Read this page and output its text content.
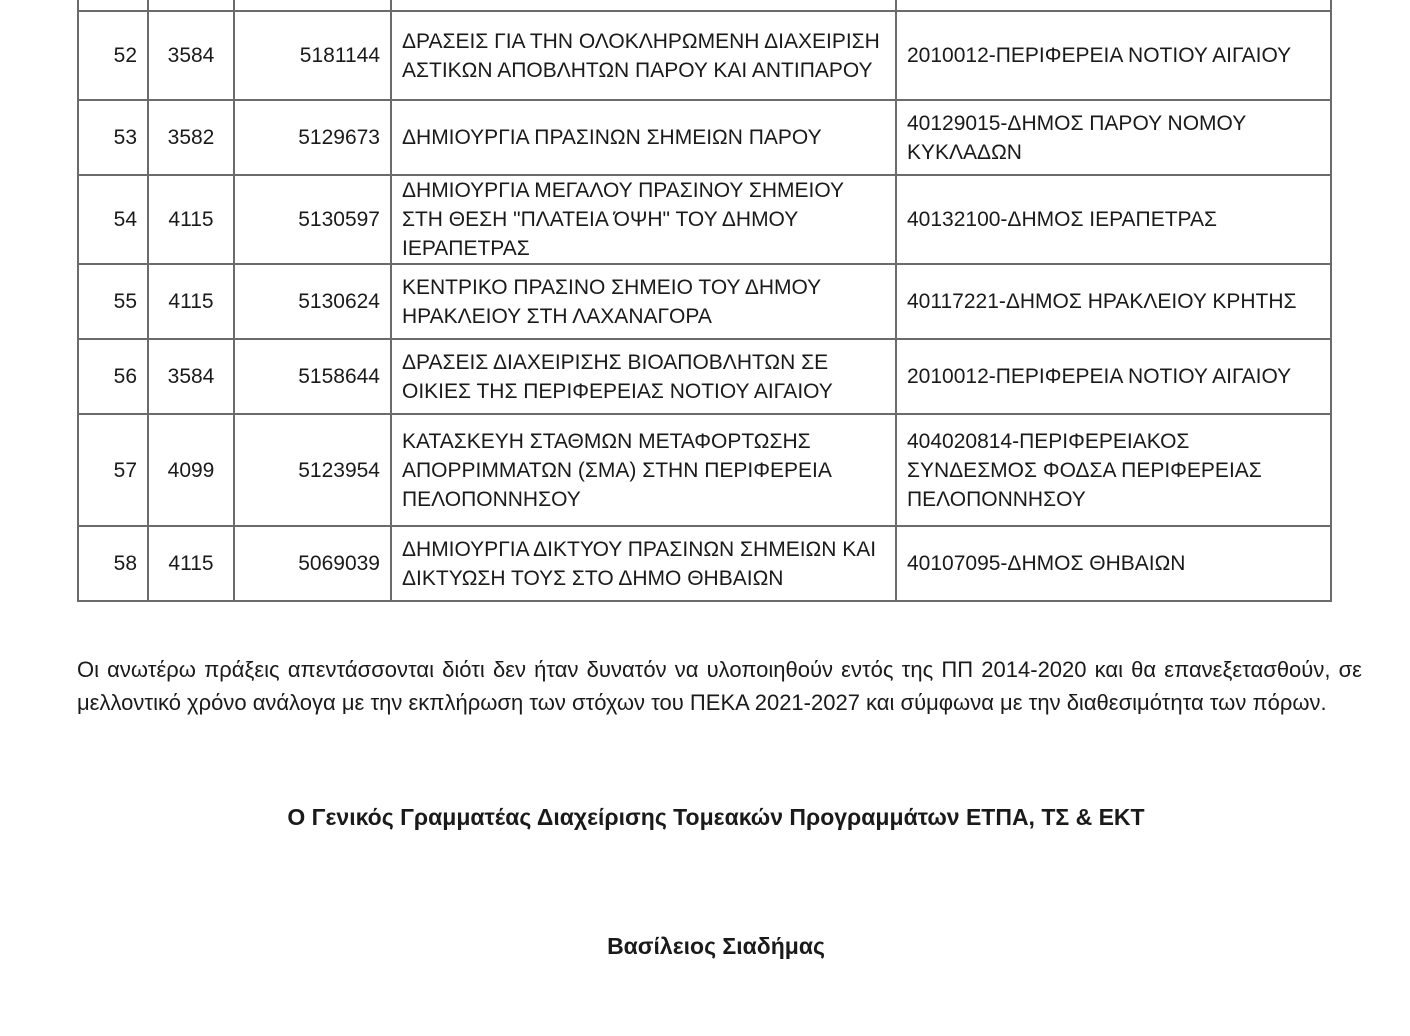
52	3584	5181144	ΔΡΑΣΕΙΣ ΓΙΑ ΤΗΝ ΟΛΟΚΛΗΡΩΜΕΝΗ ΔΙΑΧΕΙΡΙΣΗ ΑΣΤΙΚΩΝ ΑΠΟΒΛΗΤΩΝ ΠΑΡΟΥ ΚΑΙ ΑΝΤΙΠΑΡΟΥ	2010012-ΠΕΡΙΦΕΡΕΙΑ ΝΟΤΙΟΥ ΑΙΓΑΙΟΥ
53	3582	5129673	ΔΗΜΙΟΥΡΓΙΑ ΠΡΑΣΙΝΩΝ ΣΗΜΕΙΩΝ ΠΑΡΟΥ	40129015-ΔΗΜΟΣ ΠΑΡΟΥ ΝΟΜΟΥ ΚΥΚΛΑΔΩΝ
54	4115	5130597	ΔΗΜΙΟΥΡΓΙΑ ΜΕΓΑΛΟΥ ΠΡΑΣΙΝΟΥ ΣΗΜΕΙΟΥ ΣΤΗ ΘΕΣΗ "ΠΛΑΤΕΙΑ ΌΨΗ" ΤΟΥ ΔΗΜΟΥ ΙΕΡΑΠΕΤΡΑΣ	40132100-ΔΗΜΟΣ ΙΕΡΑΠΕΤΡΑΣ
55	4115	5130624	ΚΕΝΤΡΙΚΟ ΠΡΑΣΙΝΟ ΣΗΜΕΙΟ ΤΟΥ ΔΗΜΟΥ ΗΡΑΚΛΕΙΟΥ ΣΤΗ ΛΑΧΑΝΑΓΟΡΑ	40117221-ΔΗΜΟΣ ΗΡΑΚΛΕΙΟΥ ΚΡΗΤΗΣ
56	3584	5158644	ΔΡΑΣΕΙΣ ΔΙΑΧΕΙΡΙΣΗΣ ΒΙΟΑΠΟΒΛΗΤΩΝ ΣΕ ΟΙΚΙΕΣ ΤΗΣ ΠΕΡΙΦΕΡΕΙΑΣ ΝΟΤΙΟΥ ΑΙΓΑΙΟΥ	2010012-ΠΕΡΙΦΕΡΕΙΑ ΝΟΤΙΟΥ ΑΙΓΑΙΟΥ
57	4099	5123954	ΚΑΤΑΣΚΕΥΗ ΣΤΑΘΜΩΝ ΜΕΤΑΦΟΡΤΩΣΗΣ ΑΠΟΡΡΙΜΜΑΤΩΝ (ΣΜΑ) ΣΤΗΝ ΠΕΡΙΦΕΡΕΙΑ ΠΕΛΟΠΟΝΝΗΣΟΥ	404020814-ΠΕΡΙΦΕΡΕΙΑΚΟΣ ΣΥΝΔΕΣΜΟΣ ΦΟΔΣΑ ΠΕΡΙΦΕΡΕΙΑΣ ΠΕΛΟΠΟΝΝΗΣΟΥ
58	4115	5069039	ΔΗΜΙΟΥΡΓΙΑ ΔΙΚΤΥΟΥ ΠΡΑΣΙΝΩΝ ΣΗΜΕΙΩΝ ΚΑΙ ΔΙΚΤΥΩΣΗ ΤΟΥΣ ΣΤΟ ΔΗΜΟ ΘΗΒΑΙΩΝ	40107095-ΔΗΜΟΣ ΘΗΒΑΙΩΝ
Οι ανωτέρω πράξεις απεντάσσονται διότι δεν ήταν δυνατόν να υλοποιηθούν εντός της ΠΠ 2014-2020 και θα επανεξετασθούν, σε μελλοντικό χρόνο ανάλογα με την εκπλήρωση των στόχων του ΠΕΚΑ 2021-2027 και σύμφωνα με την διαθεσιμότητα των πόρων.
Ο Γενικός Γραμματέας Διαχείρισης Τομεακών Προγραμμάτων ΕΤΠΑ, ΤΣ & ΕΚΤ
Βασίλειος Σιαδήμας
